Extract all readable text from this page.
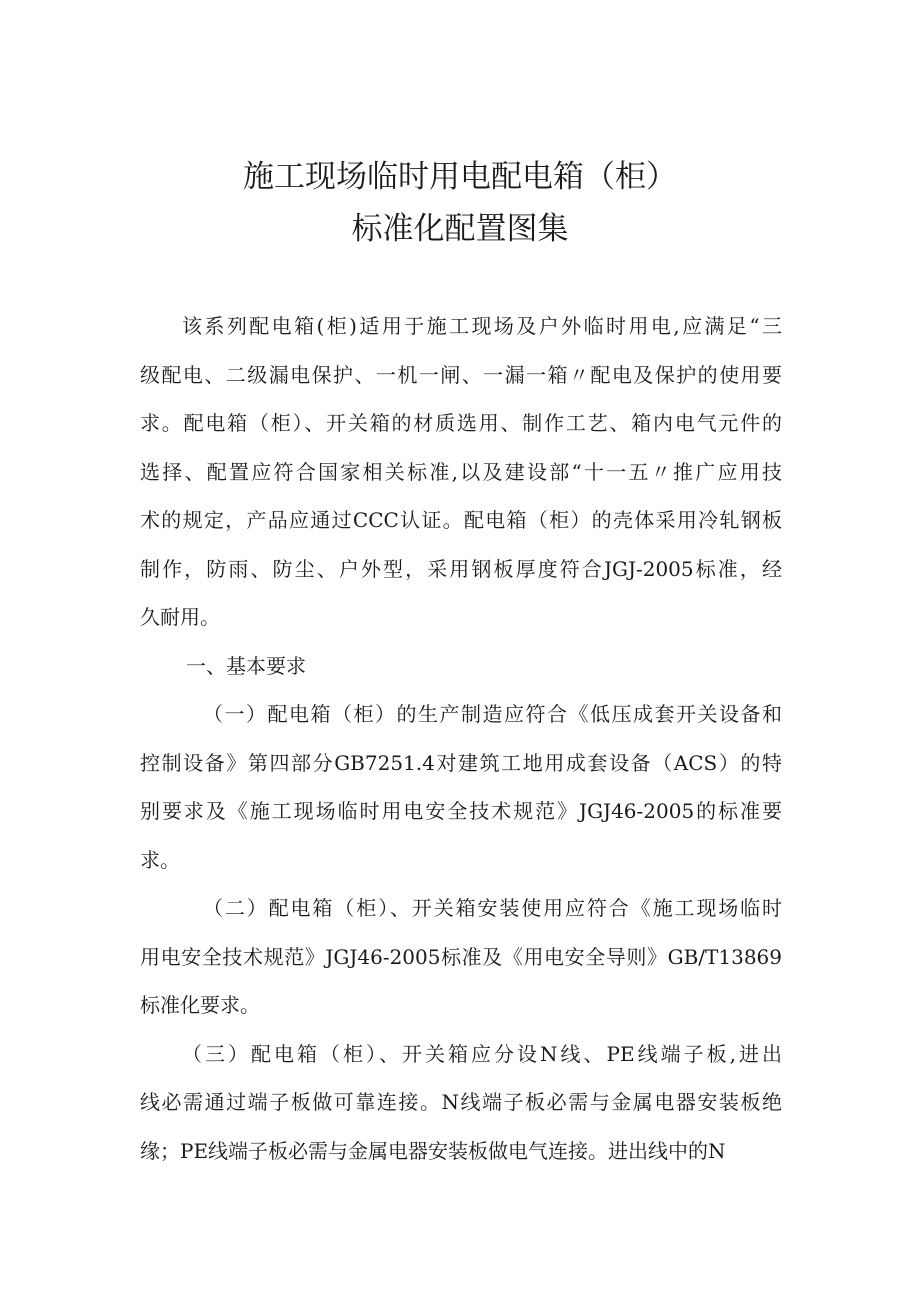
施工现场临时用电配电箱（柜）
标准化配置图集
该系列配电箱(柜)适用于施工现场及户外临时用电,应满足“三
级配电、二级漏电保护、一机一闸、一漏一箱〃配电及保护的使用要
求。配电箱（柜）、开关箱的材质选用、制作工艺、箱内电气元件的
选择、配置应符合国家相关标准,以及建设部“十一五〃推广应用技
术的规定，产品应通过CCC认证。配电箱（柜）的壳体采用冷轧钢板
制作，防雨、防尘、户外型，采用钢板厚度符合JGJ-2005标准，经
久耐用。
一、基本要求
（一）配电箱（柜）的生产制造应符合《低压成套开关设备和
控制设备》第四部分GB7251.4对建筑工地用成套设备（ACS）的特
别要求及《施工现场临时用电安全技术规范》JGJ46-2005的标准要
求。
（二）配电箱（柜）、开关箱安装使用应符合《施工现场临时
用电安全技术规范》JGJ46-2005标准及《用电安全导则》GB/T13869
标准化要求。
（三）配电箱（柜）、开关箱应分设N线、PE线端子板,进出
线必需通过端子板做可靠连接。N线端子板必需与金属电器安装板绝
缘；PE线端子板必需与金属电器安装板做电气连接。进出线中的N
